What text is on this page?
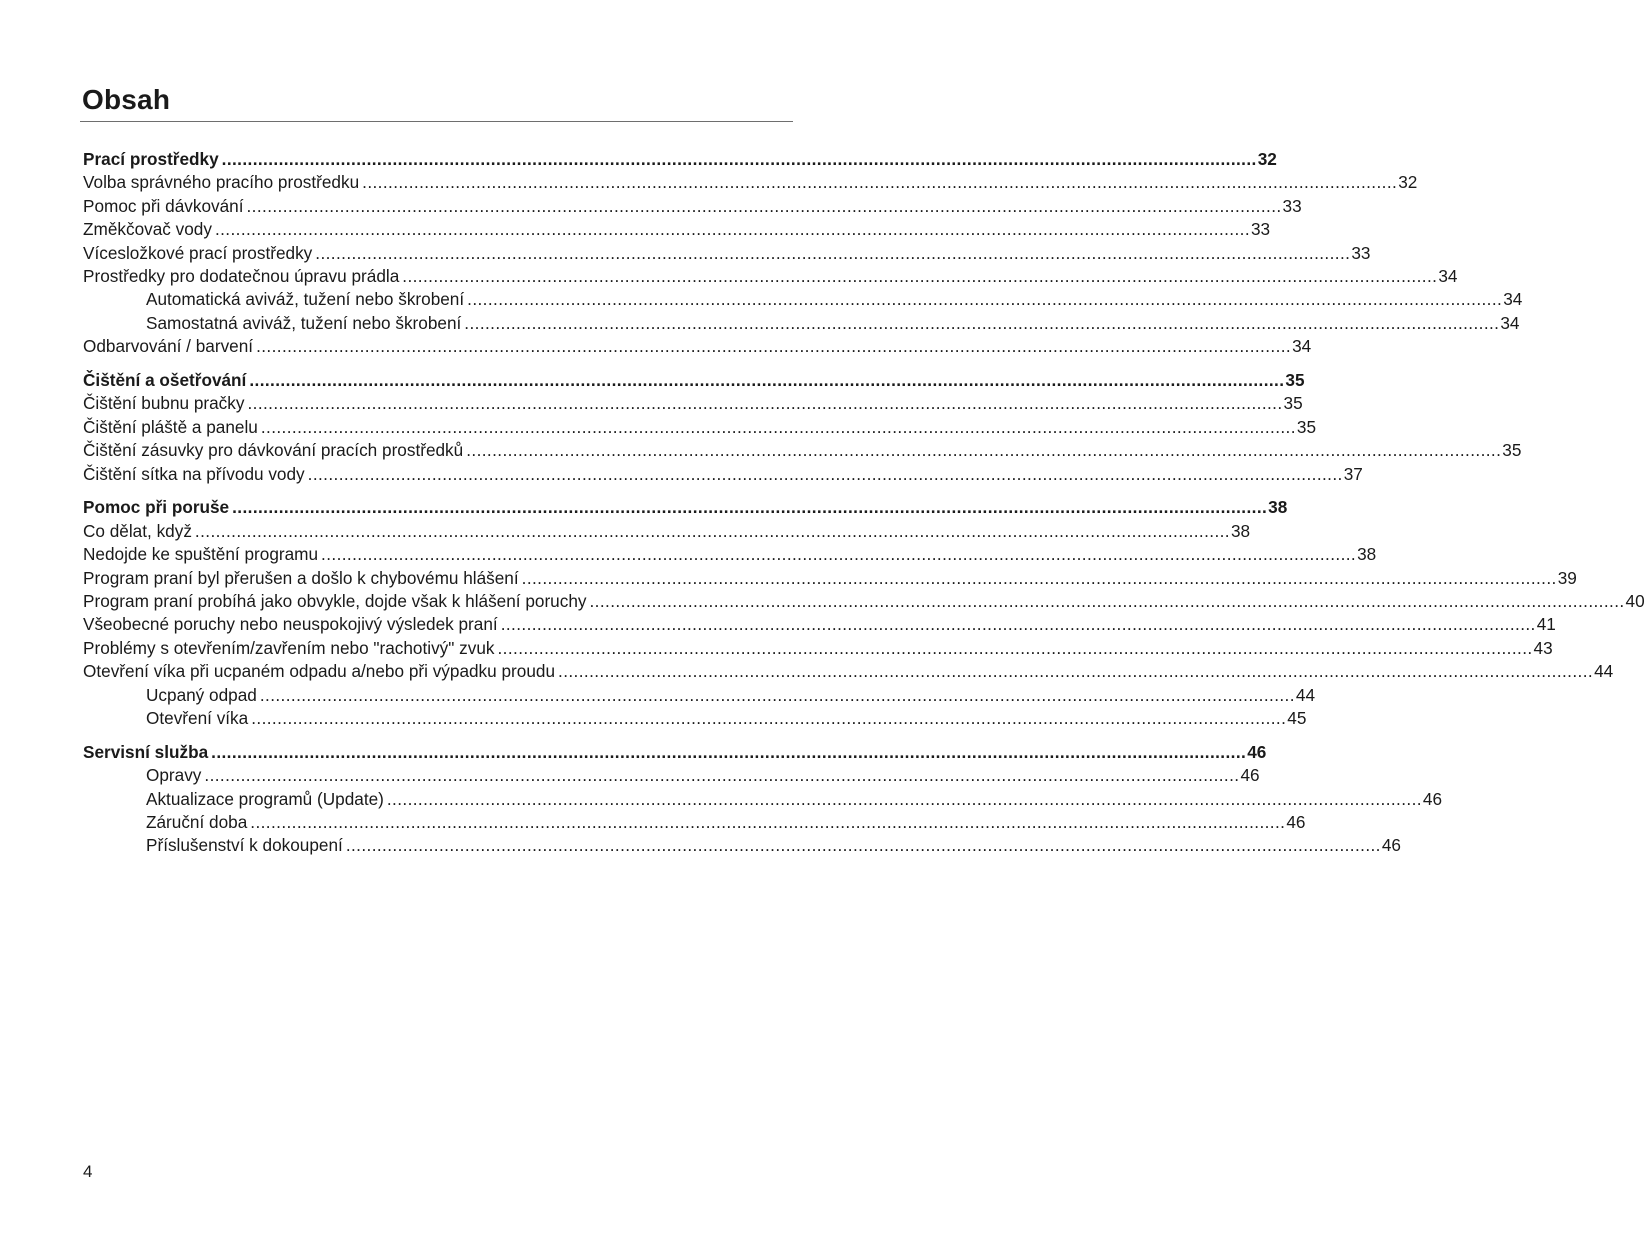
Obsah
Prací prostředky ........................................................................................................................................................................................................ 32
Volba správného pracího prostředku ........................................................................................................................................................................................................ 32
Pomoc při dávkování ........................................................................................................................................................................................................ 33
Změkčovač vody ........................................................................................................................................................................................................ 33
Vícesložkové prací prostředky ........................................................................................................................................................................................................ 33
Prostředky pro dodatečnou úpravu prádla ........................................................................................................................................................................................................ 34
Automatická aviváž, tužení nebo škrobení ........................................................................................................................................................................................................ 34
Samostatná aviváž, tužení nebo škrobení ........................................................................................................................................................................................................ 34
Odbarvování / barvení ........................................................................................................................................................................................................ 34
Čištění a ošetřování ........................................................................................................................................................................................................ 35
Čištění bubnu pračky ........................................................................................................................................................................................................ 35
Čištění pláště a panelu ........................................................................................................................................................................................................ 35
Čištění zásuvky pro dávkování pracích prostředků ........................................................................................................................................................................................................ 35
Čištění sítka na přívodu vody ........................................................................................................................................................................................................ 37
Pomoc při poruše ........................................................................................................................................................................................................ 38
Co dělat, když ........................................................................................................................................................................................................ 38
Nedojde ke spuštění programu ........................................................................................................................................................................................................ 38
Program praní byl přerušen a došlo k chybovému hlášení ........................................................................................................................................................................................................ 39
Program praní probíhá jako obvykle, dojde však k hlášení poruchy ........................................................................................................................................................................................................ 40
Všeobecné poruchy nebo neuspokojivý výsledek praní ........................................................................................................................................................................................................ 41
Problémy s otevřením/zavřením nebo "rachotivý" zvuk ........................................................................................................................................................................................................ 43
Otevření víka při ucpaném odpadu a/nebo při výpadku proudu ........................................................................................................................................................................................................ 44
Ucpaný odpad ........................................................................................................................................................................................................ 44
Otevření víka ........................................................................................................................................................................................................ 45
Servisní služba ........................................................................................................................................................................................................ 46
Opravy ........................................................................................................................................................................................................ 46
Aktualizace programů (Update) ........................................................................................................................................................................................................ 46
Záruční doba ........................................................................................................................................................................................................ 46
Příslušenství k dokoupení ........................................................................................................................................................................................................ 46
4
